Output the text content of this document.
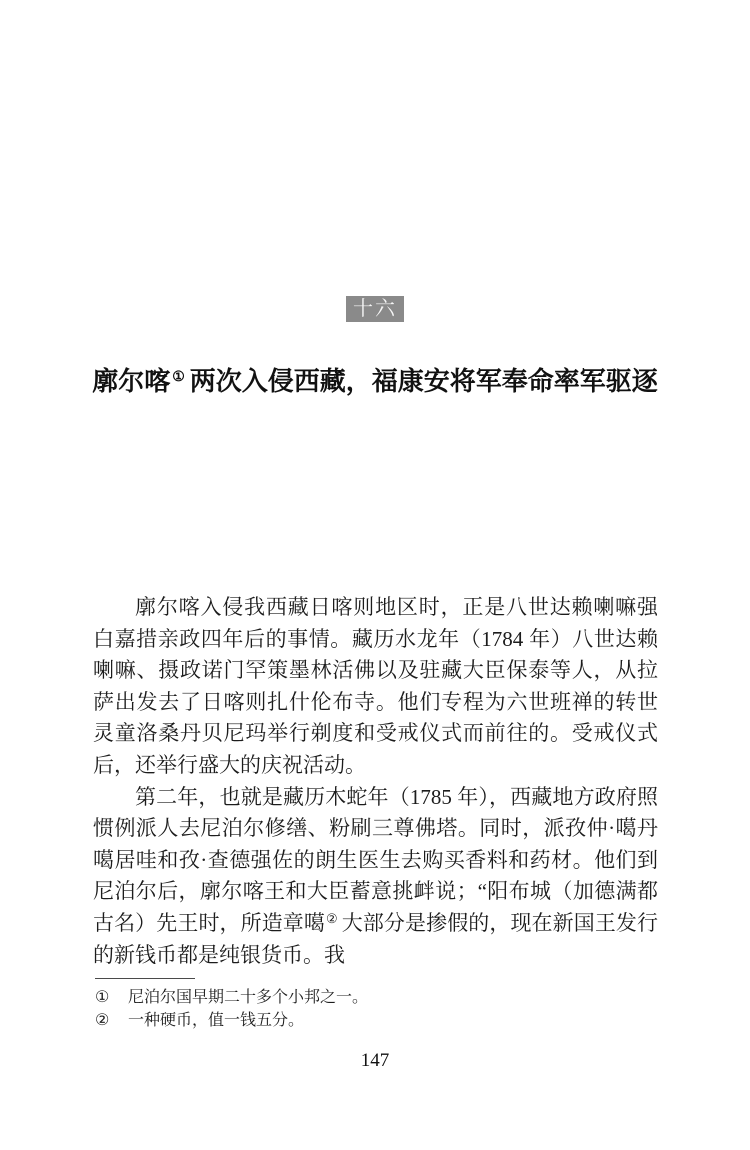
十六
廓尔喀 ① 两次入侵西藏，福康安将军奉命率军驱逐

廓尔喀入侵我西藏日喀则地区时，正是八世达赖喇嘛强白嘉措亲政四年后的事情。藏历水龙年（1784 年）八世达赖喇嘛、摄政诺门罕策墨林活佛以及驻藏大臣保泰等人，从拉萨出发去了日喀则扎什伦布寺。他们专程为六世班禅的转世灵童洛桑丹贝尼玛举行剃度和受戒仪式而前往的。受戒仪式后，还举行盛大的庆祝活动。

第二年，也就是藏历木蛇年（1785 年），西藏地方政府照惯例派人去尼泊尔修缮、粉刷三尊佛塔。同时，派孜仲·噶丹噶居哇和孜·查德强佐的朗生医生去购买香料和药材。他们到尼泊尔后，廓尔喀王和大臣蓄意挑衅说；“阳布城（加德满都古名）先王时，所造章噶② 大部分是掺假的，现在新国王发行的新钱币都是纯银货币。我

①	尼泊尔国早期二十多个小邦之一。
②	一种硬币，值一钱五分。
147
